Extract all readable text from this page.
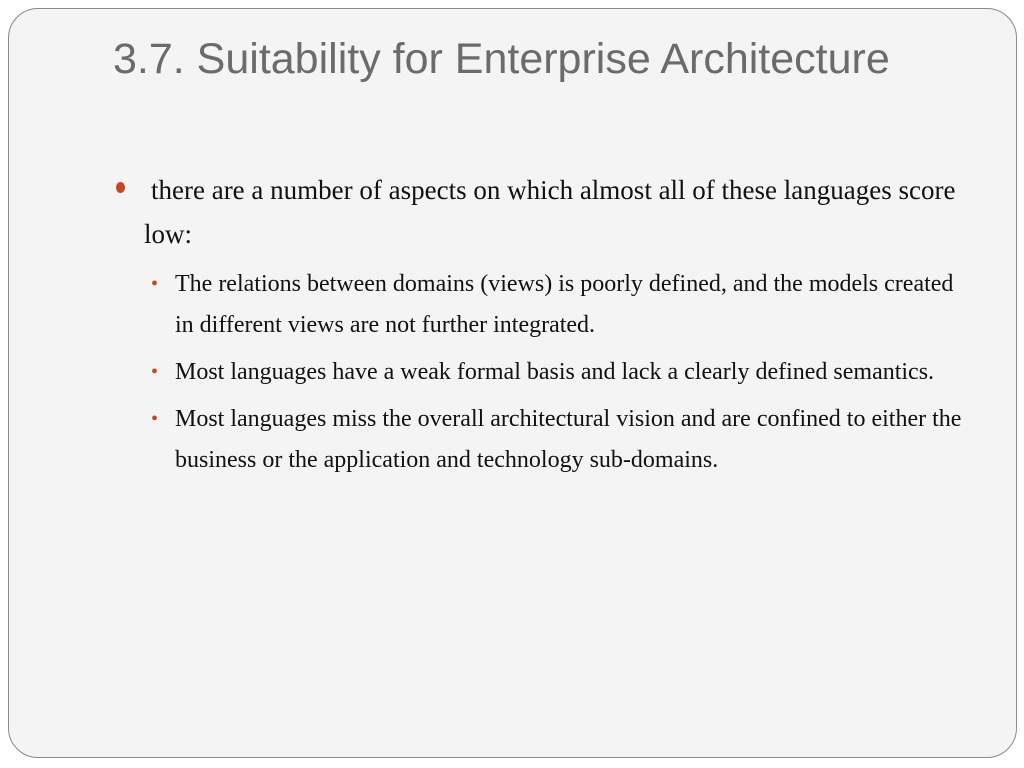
3.7. Suitability for Enterprise Architecture
there are a number of aspects on which almost all of these languages score low:
• The relations between domains (views) is poorly defined, and the models created in different views are not further integrated.
• Most languages have a weak formal basis and lack a clearly defined semantics.
• Most languages miss the overall architectural vision and are confined to either the business or the application and technology sub-domains.
